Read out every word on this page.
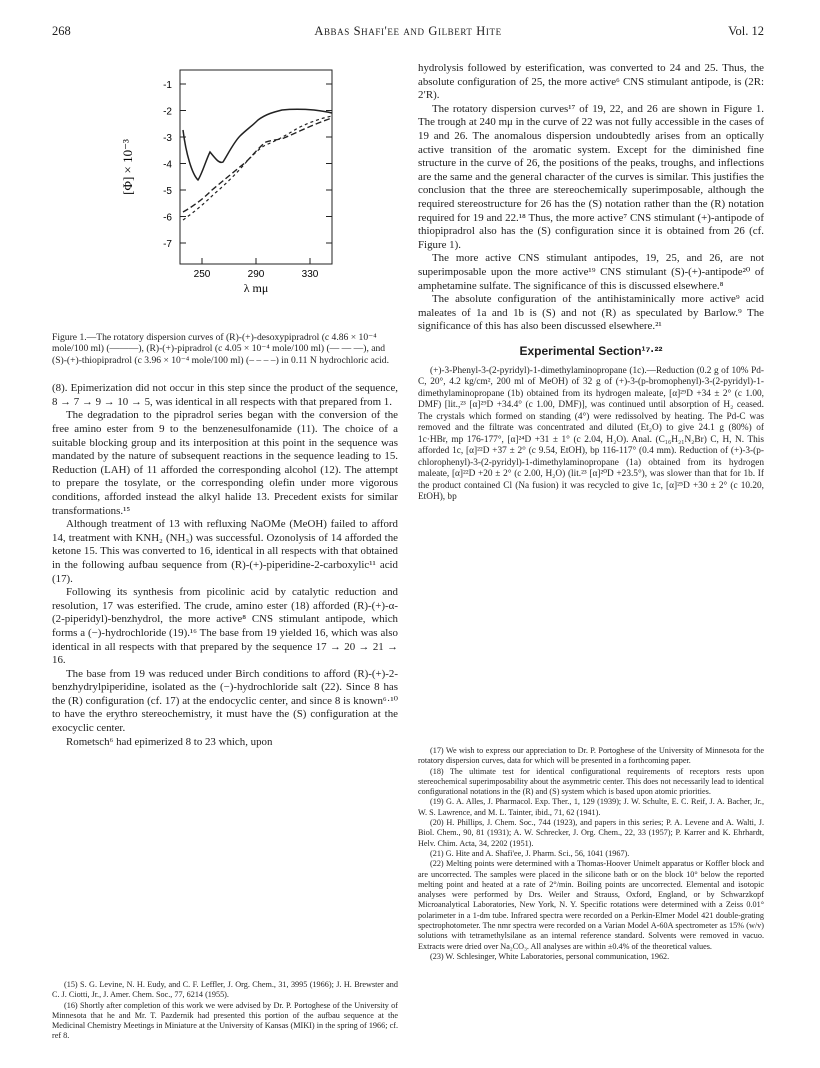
268	Abbas Shafi'ee and Gilbert Hite	Vol. 12
-1
-2
-3
-4
-5
-6
-7
250	290	330
[Φ] × 10⁻³
λ mμ

Figure 1.—The rotatory dispersion curves of (R)-(+)-desoxypipradrol (c 4.86 × 10⁻⁴ mole/100 ml) (———), (R)-(+)-pipradrol (c 4.05 × 10⁻⁴ mole/100 ml) (— — —), and (S)-(+)-thiopipradrol (c 3.96 × 10⁻⁴ mole/100 ml) (– – – –) in 0.11 N hydrochloric acid.

(8). Epimerization did not occur in this step since the product of the sequence, 8 → 7 → 9 → 10 → 5, was identical in all respects with that prepared from 1.

The degradation to the pipradrol series began with the conversion of the free amino ester from 9 to the benzenesulfonamide (11). The choice of a suitable blocking group and its interposition at this point in the sequence was mandated by the nature of subsequent reactions in the sequence leading to 15. Reduction (LAH) of 11 afforded the corresponding alcohol (12). The attempt to prepare the tosylate, or the corresponding olefin under more vigorous conditions, afforded instead the alkyl halide 13. Precedent exists for similar transformations.¹⁵

Although treatment of 13 with refluxing NaOMe (MeOH) failed to afford 14, treatment with KNH₂ (NH₃) was successful. Ozonolysis of 14 afforded the ketone 15. This was converted to 16, identical in all respects with that obtained in the following aufbau sequence from (R)-(+)-piperidine-2-carboxylic¹¹ acid (17).

Following its synthesis from picolinic acid by catalytic reduction and resolution, 17 was esterified. The crude, amino ester (18) afforded (R)-(+)-α-(2-piperidyl)-benzhydrol, the more active⁸ CNS stimulant antipode, which forms a (−)-hydrochloride (19).¹⁶ The base from 19 yielded 16, which was also identical in all respects with that prepared by the sequence 17 → 20 → 21 → 16.

The base from 19 was reduced under Birch conditions to afford (R)-(+)-2-benzhydrylpiperidine, isolated as the (−)-hydrochloride salt (22). Since 8 has the (R) configuration (cf. 17) at the endocyclic center, and since 8 is known⁶·¹⁰ to have the erythro stereochemistry, it must have the (S) configuration at the exocyclic center.

Rometsch⁶ had epimerized 8 to 23 which, upon

(15) S. G. Levine, N. H. Eudy, and C. F. Leffler, J. Org. Chem., 31, 3995 (1966); J. H. Brewster and C. J. Ciotti, Jr., J. Amer. Chem. Soc., 77, 6214 (1955).

(16) Shortly after completion of this work we were advised by Dr. P. Portoghese of the University of Minnesota that he and Mr. T. Pazdernik had presented this portion of the aufbau sequence at the Medicinal Chemistry Meetings in Miniature at the University of Kansas (MIKI) in the spring of 1966; cf. ref 8.

hydrolysis followed by esterification, was converted to 24 and 25. Thus, the absolute configuration of 25, the more active⁶ CNS stimulant antipode, is (2R: 2′R).

The rotatory dispersion curves¹⁷ of 19, 22, and 26 are shown in Figure 1. The trough at 240 mμ in the curve of 22 was not fully accessible in the cases of 19 and 26. The anomalous dispersion undoubtedly arises from an optically active transition of the aromatic system. Except for the diminished fine structure in the curve of 26, the positions of the peaks, troughs, and inflections are the same and the general character of the curves is similar. This justifies the conclusion that the three are stereochemically superimposable, although the required stereostructure for 26 has the (S) notation rather than the (R) notation required for 19 and 22.¹⁸ Thus, the more active⁷ CNS stimulant (+)-antipode of thiopipradrol also has the (S) configuration since it is obtained from 26 (cf. Figure 1).

The more active CNS stimulant antipodes, 19, 25, and 26, are not superimposable upon the more active¹⁹ CNS stimulant (S)-(+)-antipode²⁰ of amphetamine sulfate. The significance of this is discussed elsewhere.⁸

The absolute configuration of the antihistaminically more active⁹ acid maleates of 1a and 1b is (S) and not (R) as speculated by Barlow.⁹ The significance of this has also been discussed elsewhere.²¹

Experimental Section¹⁷·²²

(+)-3-Phenyl-3-(2-pyridyl)-1-dimethylaminopropane (1c).—Reduction (0.2 g of 10% Pd-C, 20°, 4.2 kg/cm², 200 ml of MeOH) of 32 g of (+)-3-(p-bromophenyl)-3-(2-pyridyl)-1-dimethylaminopropane (1b) obtained from its hydrogen maleate, [α]²⁹D +34 ± 2° (c 1.00, DMF) [lit.,²³ [α]²⁹D +34.4° (c 1.00, DMF)], was continued until absorption of H₂ ceased. The crystals which formed on standing (4°) were redissolved by heating. The Pd-C was removed and the filtrate was concentrated and diluted (Et₂O) to give 24.1 g (80%) of 1c·HBr, mp 176-177°, [α]²⁴D +31 ± 1° (c 2.04, H₂O). Anal. (C₁₆H₂₁N₂Br) C, H, N. This afforded 1c, [α]²²D +37 ± 2° (c 9.54, EtOH), bp 116-117° (0.4 mm). Reduction of (+)-3-(p-chlorophenyl)-3-(2-pyridyl)-1-dimethylaminopropane (1a) obtained from its hydrogen maleate, [α]²²D +20 ± 2° (c 2.00, H₂O) (lit.²³ [α]²⁰D +23.5°), was slower than that for 1b. If the product contained Cl (Na fusion) it was recycled to give 1c, [α]²⁵D +30 ± 2° (c 10.20, EtOH), bp

(17) We wish to express our appreciation to Dr. P. Portoghese of the University of Minnesota for the rotatory dispersion curves, data for which will be presented in a forthcoming paper.

(18) The ultimate test for identical configurational requirements of receptors rests upon stereochemical superimposability about the asymmetric center. This does not necessarily lead to identical configurational notations in the (R) and (S) system which is based upon atomic priorities.

(19) G. A. Alles, J. Pharmacol. Exp. Ther., 1, 129 (1939); J. W. Schulte, E. C. Reif, J. A. Bacher, Jr., W. S. Lawrence, and M. L. Tainter, ibid., 71, 62 (1941).

(20) H. Phillips, J. Chem. Soc., 744 (1923), and papers in this series; P. A. Levene and A. Walti, J. Biol. Chem., 90, 81 (1931); A. W. Schrecker, J. Org. Chem., 22, 33 (1957); P. Karrer and K. Ehrhardt, Helv. Chim. Acta, 34, 2202 (1951).

(21) G. Hite and A. Shafi'ee, J. Pharm. Sci., 56, 1041 (1967).

(22) Melting points were determined with a Thomas-Hoover Unimelt apparatus or Koffler block and are uncorrected. The samples were placed in the silicone bath or on the block 10° below the reported melting point and heated at a rate of 2°/min. Boiling points are uncorrected. Elemental and isotopic analyses were performed by Drs. Weiler and Strauss, Oxford, England, or by Schwarzkopf Microanalytical Laboratories, New York, N. Y. Specific rotations were determined with a Zeiss 0.01° polarimeter in a 1-dm tube. Infrared spectra were recorded on a Perkin-Elmer Model 421 double-grating spectrophotometer. The nmr spectra were recorded on a Varian Model A-60A spectrometer as 15% (w/v) solutions with tetramethylsilane as an internal reference standard. Solvents were removed in vacuo. Extracts were dried over Na₂CO₃. All analyses are within ±0.4% of the theoretical values.

(23) W. Schlesinger, White Laboratories, personal communication, 1962.
